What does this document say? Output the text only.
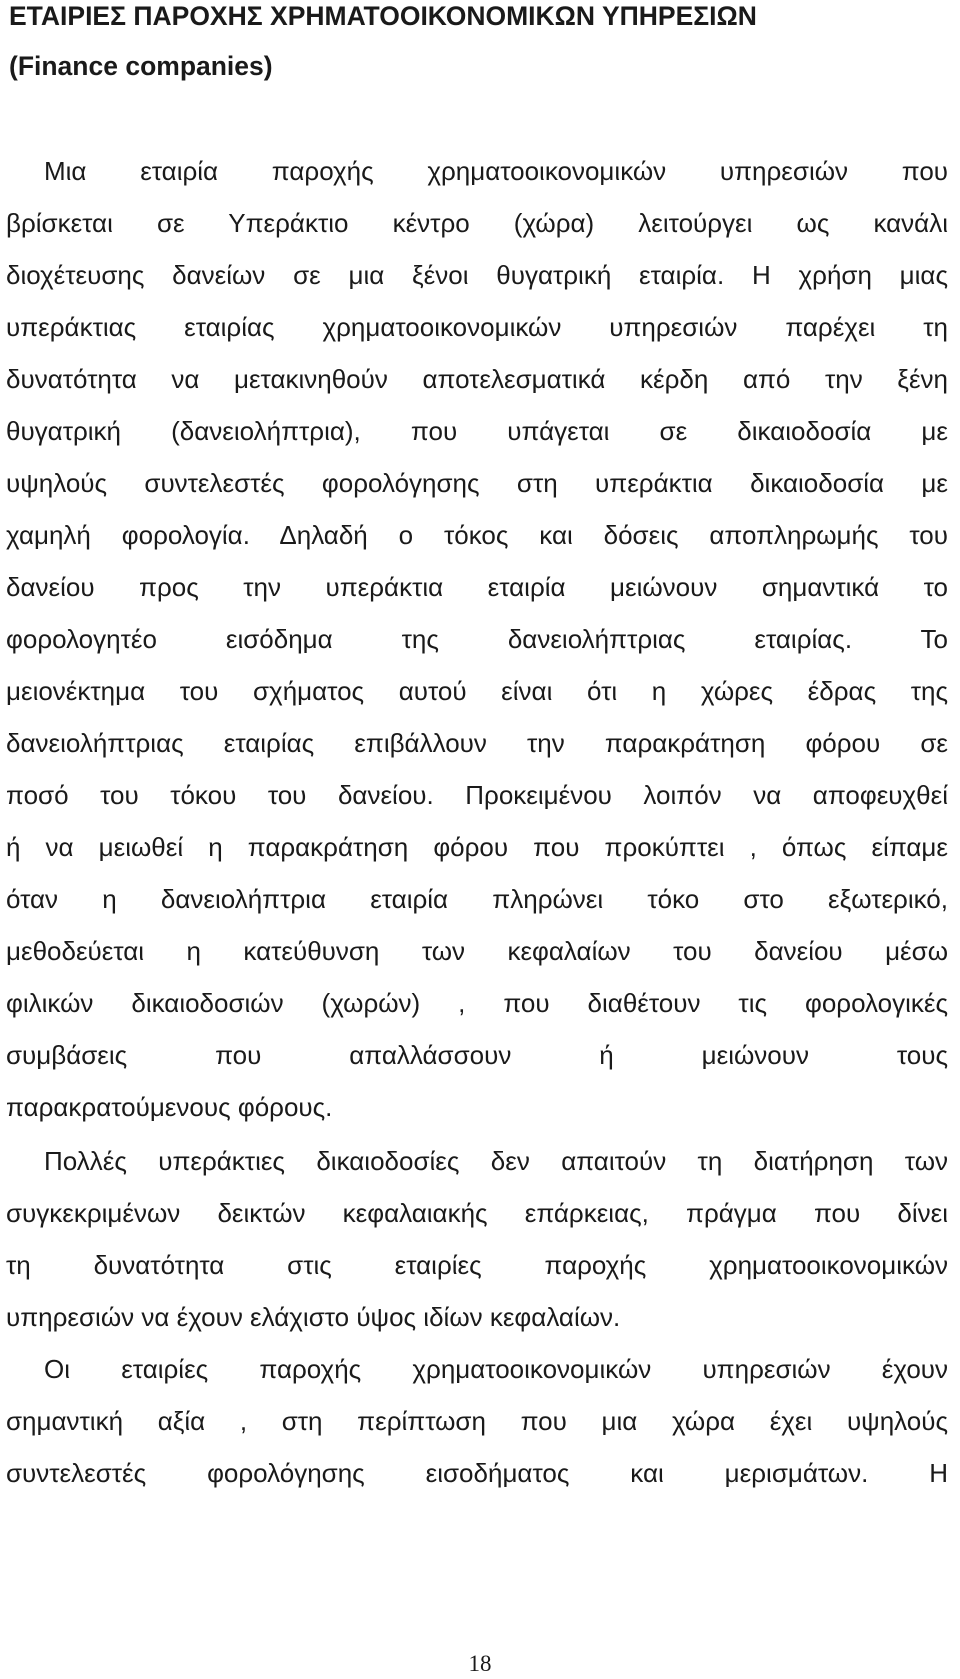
ΕΤΑΙΡΙΕΣ ΠΑΡΟΧΗΣ ΧΡΗΜΑΤΟΟΙΚΟΝΟΜΙΚΩΝ ΥΠΗΡΕΣΙΩΝ
(Finance companies)

Μια εταιρία παροχής χρηματοοικονομικών υπηρεσιών που

βρίσκεται σε Υπεράκτιο κέντρο (χώρα) λειτούργει ως κανάλι

διοχέτευσης δανείων σε μια ξένοι θυγατρική εταιρία. Η χρήση μιας

υπεράκτιας εταιρίας χρηματοοικονομικών υπηρεσιών παρέχει τη

δυνατότητα να μετακινηθούν αποτελεσματικά κέρδη από την ξένη

θυγατρική (δανειολήπτρια), που υπάγεται σε δικαιοδοσία με

υψηλούς συντελεστές φορολόγησης στη υπεράκτια δικαιοδοσία με

χαμηλή φορολογία. Δηλαδή ο τόκος και δόσεις αποπληρωμής του

δανείου προς την υπεράκτια εταιρία μειώνουν σημαντικά το

φορολογητέο εισόδημα της δανειολήπτριας εταιρίας. Το

μειονέκτημα του σχήματος αυτού είναι ότι η χώρες έδρας της

δανειολήπτριας εταιρίας επιβάλλουν την παρακράτηση φόρου σε

ποσό του τόκου του δανείου. Προκειμένου λοιπόν να αποφευχθεί

ή να μειωθεί η παρακράτηση φόρου που προκύπτει , όπως είπαμε

όταν η δανειολήπτρια εταιρία πληρώνει τόκο στο εξωτερικό,

μεθοδεύεται η κατεύθυνση των κεφαλαίων του δανείου μέσω

φιλικών δικαιοδοσιών (χωρών) , που διαθέτουν τις φορολογικές

συμβάσεις που απαλλάσσουν ή μειώνουν τους

παρακρατούμενους φόρους.

Πολλές υπεράκτιες δικαιοδοσίες δεν απαιτούν τη διατήρηση των

συγκεκριμένων δεικτών κεφαλαιακής επάρκειας, πράγμα που δίνει

τη δυνατότητα στις εταιρίες παροχής χρηματοοικονομικών

υπηρεσιών να έχουν ελάχιστο ύψος ιδίων κεφαλαίων.

Οι εταιρίες παροχής χρηματοοικονομικών υπηρεσιών έχουν

σημαντική αξία , στη περίπτωση που μια χώρα έχει υψηλούς

συντελεστές φορολόγησης εισοδήματος και μερισμάτων. Η

18
